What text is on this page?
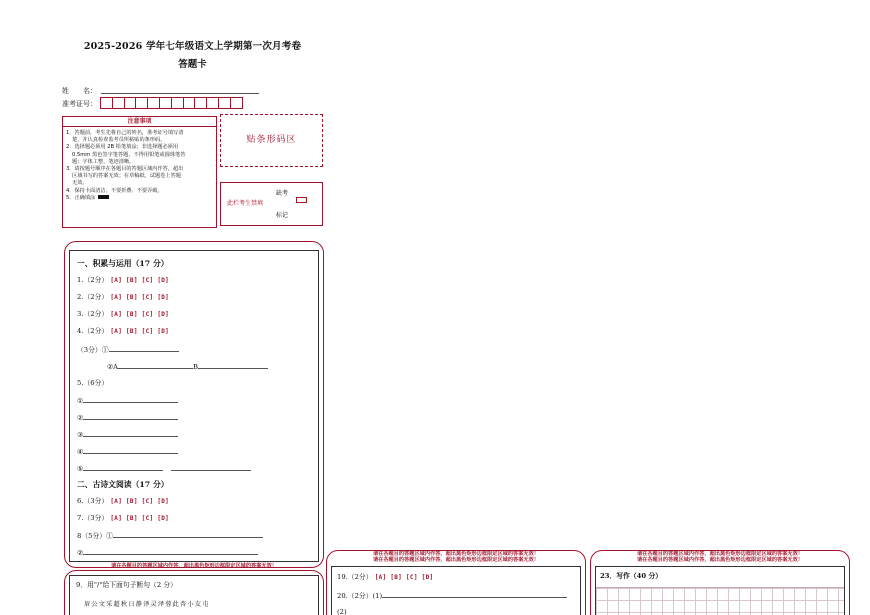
2025-2026 学年七年级语文上学期第一次月考卷
答题卡
姓　　名：
准考证号：
注意事项

1．答题前，考生先将自己的姓名，准考证号填写清

楚，并认真检查监考员所粘贴的条形码。

2．选择题必须用 2B 铅笔填涂；非选择题必须用

0.5mm 黑色签字笔答题，不得用铅笔或圆珠笔答

题；字体工整、笔迹清晰。

3．请按题号顺序在各题目的答题区域内作答，超出

区域书写的答案无效；在草稿纸、试题卷上答题

无效。

4．保持卡面清洁，不要折叠、不要弄破。

5．正确填涂

贴条形码区
此栏考生禁填
缺考
标记
一、积累与运用（17 分）
1.（2分） [A] [B] [C] [D]
2.（2分） [A] [B] [C] [D]
3.（2分） [A] [B] [C] [D]
4.（2分） [A] [B] [C] [D]
（3分）①
②A	B
5.（6分）
①
②
③
④
⑤
二、古诗文阅读（17 分）
6.（3分） [A] [B] [C] [D]
7.（3分） [A] [B] [C] [D]
8（5分）①
②
请在各题目的答题区域内作答，超出黑色矩形边框限定区域的答案无效！
9．用"/"给下面句子断句（2 分）
眉公文采超秋日静泽灵泽蓉此杏小友屯
请在各题目的答题区域内作答，超出黑色矩形边框限定区域的答案无效！
请在各题目的答题区域内作答，超出黑色矩形边框限定区域的答案无效！
19.（2分） [A] [B] [C] [D]
20.（2分）(1)
(2)
请在各题目的答题区域内作答，超出黑色矩形边框限定区域的答案无效！
请在各题目的答题区域内作答，超出黑色矩形边框限定区域的答案无效！
23．写作（40 分）
